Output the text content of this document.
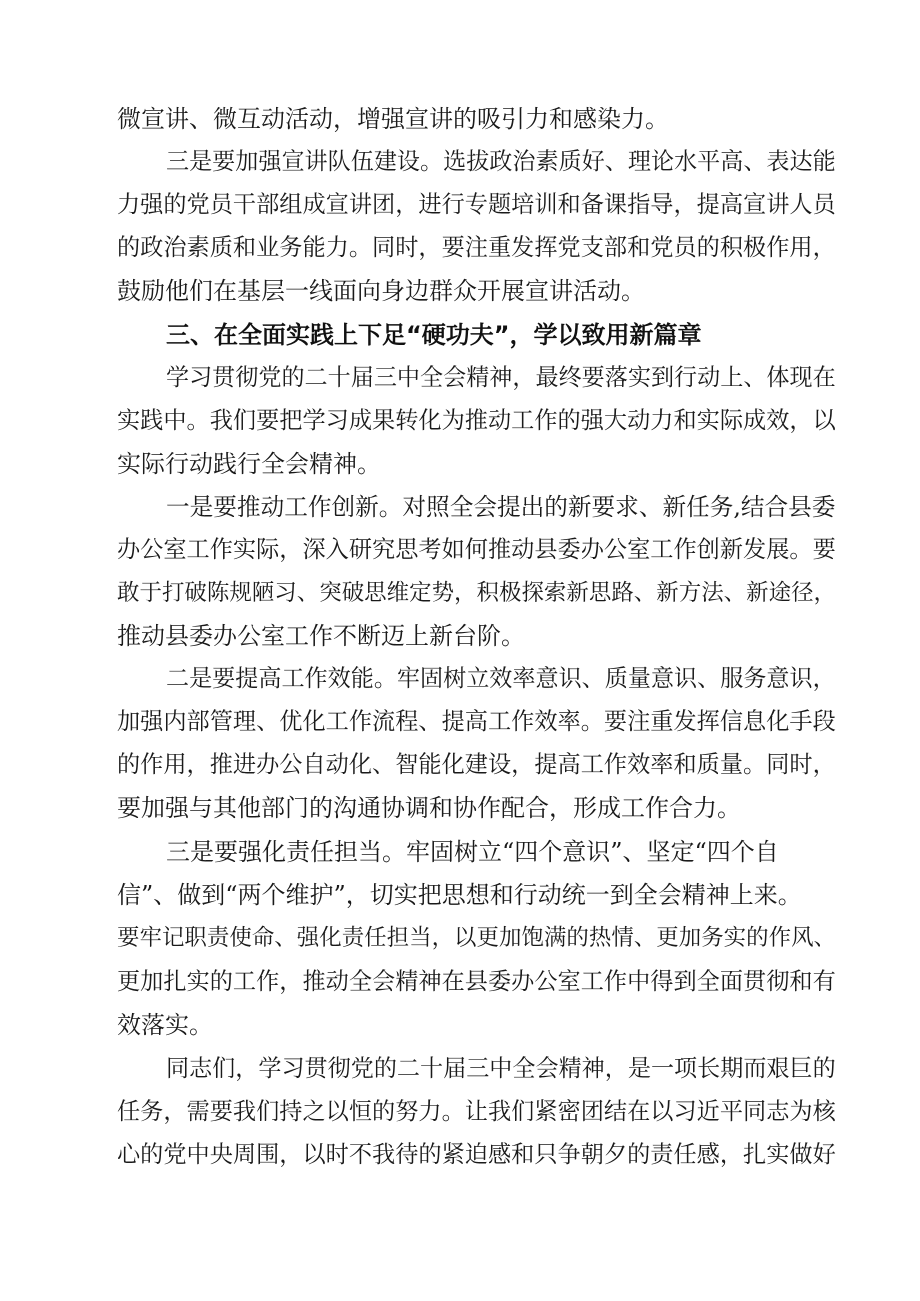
微宣讲、微互动活动，增强宣讲的吸引力和感染力。
三是要加强宣讲队伍建设。选拔政治素质好、理论水平高、表达能
力强的党员干部组成宣讲团，进行专题培训和备课指导，提高宣讲人员
的政治素质和业务能力。同时，要注重发挥党支部和党员的积极作用，
鼓励他们在基层一线面向身边群众开展宣讲活动。
三、在全面实践上下足“硬功夫”，学以致用新篇章
学习贯彻党的二十届三中全会精神，最终要落实到行动上、体现在
实践中。我们要把学习成果转化为推动工作的强大动力和实际成效，以
实际行动践行全会精神。
一是要推动工作创新。对照全会提出的新要求、新任务,结合县委
办公室工作实际，深入研究思考如何推动县委办公室工作创新发展。要
敢于打破陈规陋习、突破思维定势，积极探索新思路、新方法、新途径，
推动县委办公室工作不断迈上新台阶。
二是要提高工作效能。牢固树立效率意识、质量意识、服务意识，
加强内部管理、优化工作流程、提高工作效率。要注重发挥信息化手段
的作用，推进办公自动化、智能化建设，提高工作效率和质量。同时，
要加强与其他部门的沟通协调和协作配合，形成工作合力。
三是要强化责任担当。牢固树立“四个意识”、坚定“四个自
信”、做到“两个维护”，切实把思想和行动统一到全会精神上来。
要牢记职责使命、强化责任担当，以更加饱满的热情、更加务实的作风、
更加扎实的工作，推动全会精神在县委办公室工作中得到全面贯彻和有
效落实。
同志们，学习贯彻党的二十届三中全会精神，是一项长期而艰巨的
任务，需要我们持之以恒的努力。让我们紧密团结在以习近平同志为核
心的党中央周围，以时不我待的紧迫感和只争朝夕的责任感，扎实做好
